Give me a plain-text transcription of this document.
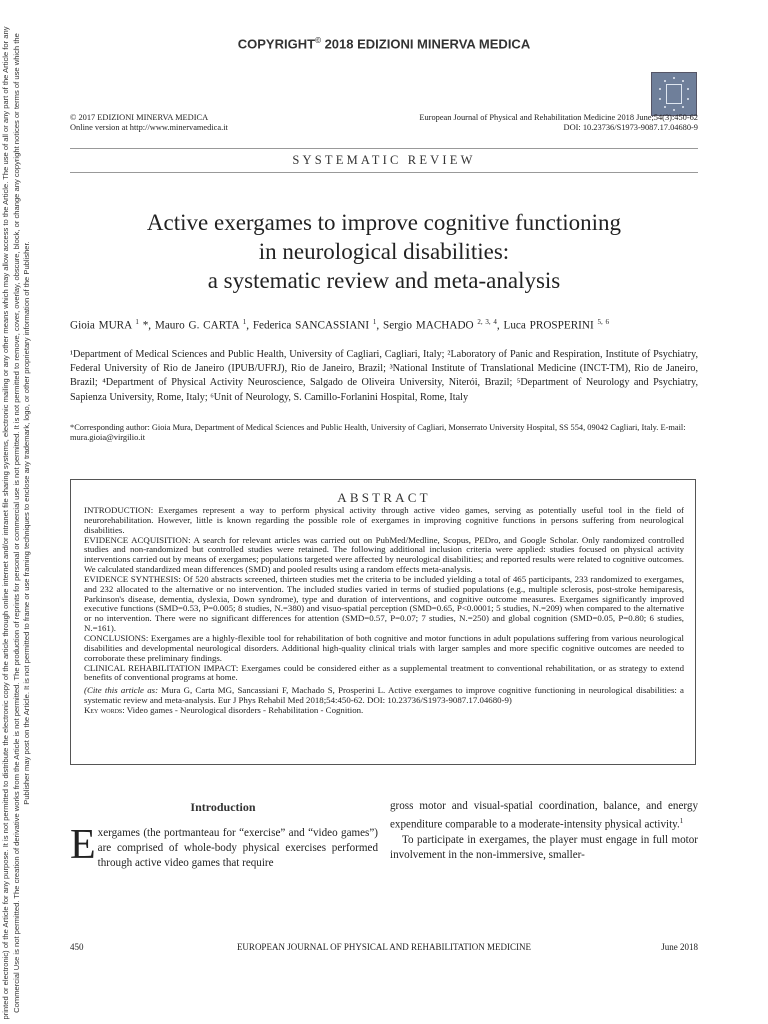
printed or electronic) of the Article for any purpose. It is not permitted to distribute the electronic copy of the article through online internet and/or intranet file sharing systems, electronic mailing or any other means which may allow access to the Article. The use of all or any part of the Article for any Commercial Use is not permitted. The creation of derivative works from the Article is not permitted. The production of reprints for personal or commercial use is not permitted. It is not permitted to remove, cover, overlay, obscure, block, or change any copyright notices or terms of use which the Publisher may post on the Article. It is not permitted to frame or use framing techniques to enclose any trademark, logo, or other proprietary information of the Publisher.
COPYRIGHT© 2018 EDIZIONI MINERVA MEDICA
© 2017 EDIZIONI MINERVA MEDICA
Online version at http://www.minervamedica.it
European Journal of Physical and Rehabilitation Medicine 2018 June;54(3):450-62
DOI: 10.23736/S1973-9087.17.04680-9
SYSTEMATIC REVIEW
Active exergames to improve cognitive functioning
in neurological disabilities:
a systematic review and meta-analysis
Gioia MURA $^1$ *, Mauro G. CARTA $^1$, Federica SANCASSIANI $^1$, Sergio MACHADO $^{2, 3, 4}$, Luca PROSPERINI $^{5, 6}$
¹Department of Medical Sciences and Public Health, University of Cagliari, Cagliari, Italy; ²Laboratory of Panic and Respiration, Institute of Psychiatry, Federal University of Rio de Janeiro (IPUB/UFRJ), Rio de Janeiro, Brazil; ³National Institute of Translational Medicine (INCT-TM), Rio de Janeiro, Brazil; ⁴Department of Physical Activity Neuroscience, Salgado de Oliveira University, Niterói, Brazil; ⁵Department of Neurology and Psychiatry, Sapienza University, Rome, Italy; ⁶Unit of Neurology, S. Camillo-Forlanini Hospital, Rome, Italy
*Corresponding author: Gioia Mura, Department of Medical Sciences and Public Health, University of Cagliari, Monserrato University Hospital, SS 554, 09042 Cagliari, Italy. E-mail: mura.gioia@virgilio.it
ABSTRACT

INTRODUCTION: Exergames represent a way to perform physical activity through active video games, serving as potentially useful tool in the field of neurorehabilitation. However, little is known regarding the possible role of exergames in improving cognitive functions in persons suffering from neurological disabilities.

EVIDENCE ACQUISITION: A search for relevant articles was carried out on PubMed/Medline, Scopus, PEDro, and Google Scholar. Only randomized controlled studies and non-randomized but controlled studies were retained. The following additional inclusion criteria were applied: studies focused on physical activity interventions carried out by means of exergames; populations targeted were affected by neurological disabilities; and reported results were related to cognitive outcomes. We calculated standardized mean differences (SMD) and pooled results using a random effects meta-analysis.

EVIDENCE SYNTHESIS: Of 520 abstracts screened, thirteen studies met the criteria to be included yielding a total of 465 participants, 233 randomized to exergames, and 232 allocated to the alternative or no intervention. The included studies varied in terms of studied populations (e.g., multiple sclerosis, post-stroke hemiparesis, Parkinson's disease, dementia, dyslexia, Down syndrome), type and duration of interventions, and cognitive outcome measures. Exergames significantly improved executive functions (SMD=0.53, P=0.005; 8 studies, N.=380) and visuo-spatial perception (SMD=0.65, P<0.0001; 5 studies, N.=209) when compared to the alternative or no intervention. There were no significant differences for attention (SMD=0.57, P=0.07; 7 studies, N.=250) and global cognition (SMD=0.05, P=0.80; 6 studies, N.=161).

CONCLUSIONS: Exergames are a highly-flexible tool for rehabilitation of both cognitive and motor functions in adult populations suffering from various neurological disabilities and developmental neurological disorders. Additional high-quality clinical trials with larger samples and more specific cognitive outcomes are needed to corroborate these preliminary findings.

CLINICAL REHABILITATION IMPACT: Exergames could be considered either as a supplemental treatment to conventional rehabilitation, or as strategy to extend benefits of conventional programs at home.

(Cite this article as: Mura G, Carta MG, Sancassiani F, Machado S, Prosperini L. Active exergames to improve cognitive functioning in neurological disabilities: a systematic review and meta-analysis. Eur J Phys Rehabil Med 2018;54:450-62. DOI: 10.23736/S1973-9087.17.04680-9)

Key words: Video games - Neurological disorders - Rehabilitation - Cognition.

Introduction
Exergames (the portmanteau for “exercise” and “video games”) are comprised of whole-body physical exercises performed through active video games that require

gross motor and visual-spatial coordination, balance, and energy expenditure comparable to a moderate-intensity physical activity.$^1$

To participate in exergames, the player must engage in full motor involvement in the non-immersive, smaller-

450	EUROPEAN JOURNAL OF PHYSICAL AND REHABILITATION MEDICINE	June 2018
